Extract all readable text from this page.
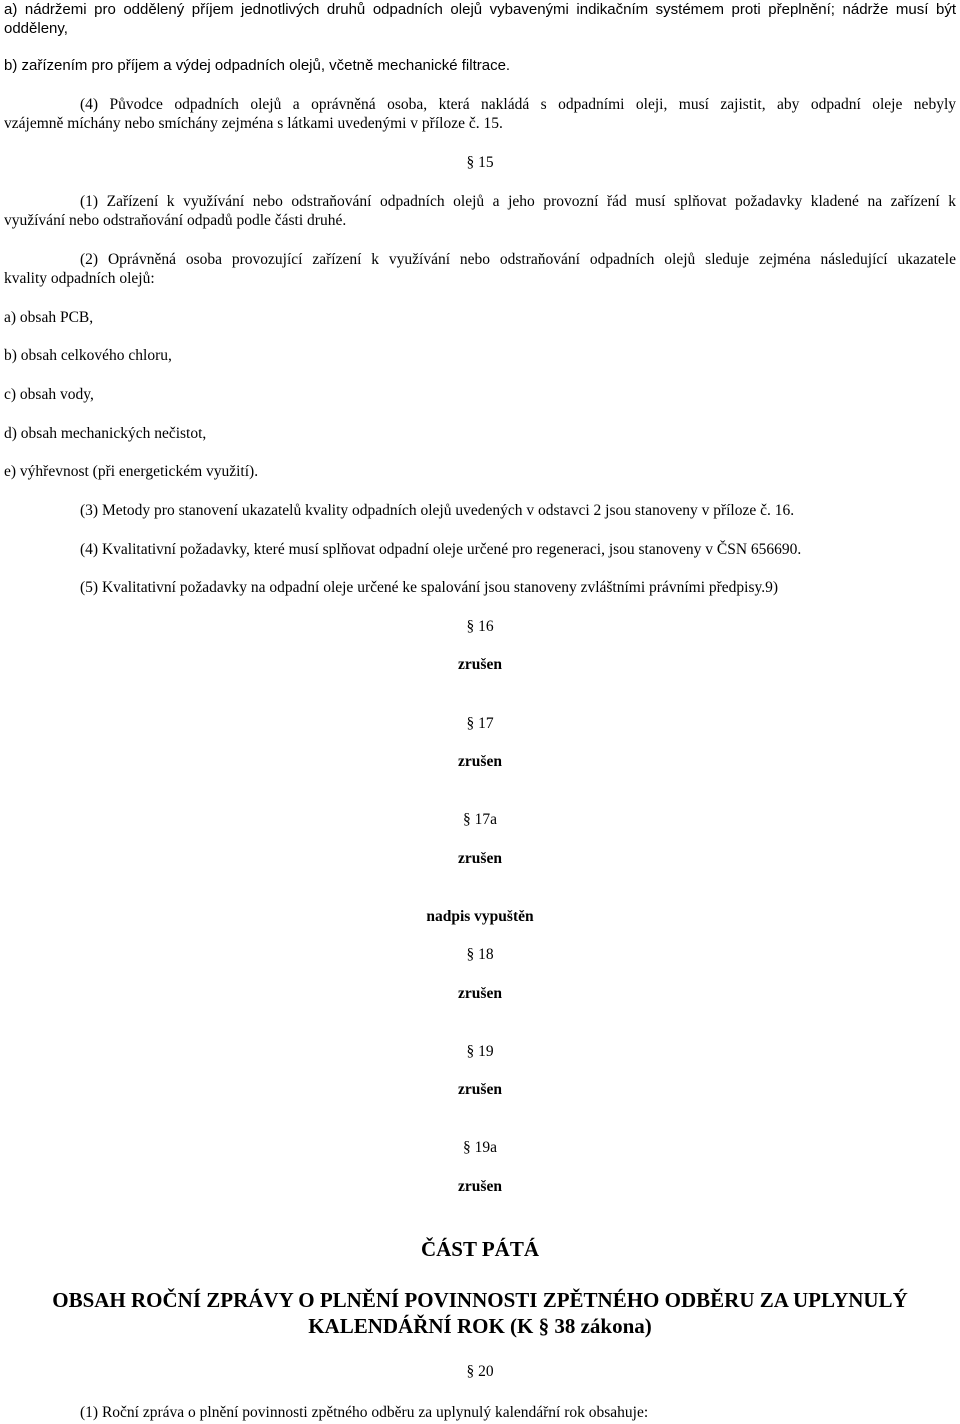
a) nádržemi pro oddělený příjem jednotlivých druhů odpadních olejů vybavenými indikačním systémem proti přeplnění; nádrže musí být
odděleny,
b) zařízením pro příjem a výdej odpadních olejů, včetně mechanické filtrace.
(4) Původce odpadních olejů a oprávněná osoba, která nakládá s odpadními oleji, musí zajistit, aby odpadní oleje nebyly
vzájemně míchány nebo smíchány zejména s látkami uvedenými v příloze č. 15.
§ 15
(1) Zařízení k využívání nebo odstraňování odpadních olejů a jeho provozní řád musí splňovat požadavky kladené na zařízení k
využívání nebo odstraňování odpadů podle části druhé.
(2) Oprávněná osoba provozující zařízení k využívání nebo odstraňování odpadních olejů sleduje zejména následující ukazatele
kvality odpadních olejů:
a) obsah PCB,
b) obsah celkového chloru,
c) obsah vody,
d) obsah mechanických nečistot,
e) výhřevnost (při energetickém využití).
(3) Metody pro stanovení ukazatelů kvality odpadních olejů uvedených v odstavci 2 jsou stanoveny v příloze č. 16.
(4) Kvalitativní požadavky, které musí splňovat odpadní oleje určené pro regeneraci, jsou stanoveny v ČSN 656690.
(5) Kvalitativní požadavky na odpadní oleje určené ke spalování jsou stanoveny zvláštními právními předpisy.9)
§ 16
zrušen
§ 17
zrušen
§ 17a
zrušen
nadpis vypuštěn
§ 18
zrušen
§ 19
zrušen
§ 19a
zrušen
ČÁST PÁTÁ
OBSAH ROČNÍ ZPRÁVY O PLNĚNÍ POVINNOSTI ZPĚTNÉHO ODBĚRU ZA UPLYNULÝ
KALENDÁŘNÍ ROK (K § 38 zákona)
§ 20
(1) Roční zpráva o plnění povinnosti zpětného odběru za uplynulý kalendářní rok obsahuje:
